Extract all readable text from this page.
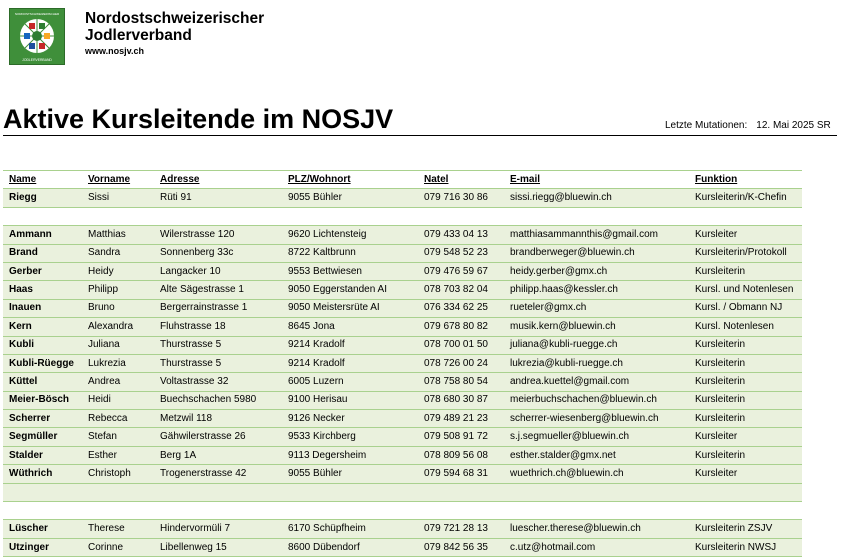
NORDOSTSCHWEIZERISCHER
JODLERVERBAND
Nordostschweizerischer
Jodlerverband
www.nosjv.ch
Aktive Kursleitende im NOSJV	Letzte Mutationen: 12. Mai 2025 SR
Name	Vorname	Adresse	PLZ/Wohnort	Natel	E-mail	Funktion
Riegg	Sissi	Rüti 91	9055 Bühler	079 716 30 86	sissi.riegg@bluewin.ch	Kursleiterin/K-Chefin

Ammann	Matthias	Wilerstrasse 120	9620 Lichtensteig	079 433 04 13	matthiasammannthis@gmail.com	Kursleiter
Brand	Sandra	Sonnenberg 33c	8722 Kaltbrunn	079 548 52 23	brandberweger@bluewin.ch	Kursleiterin/Protokoll
Gerber	Heidy	Langacker 10	9553 Bettwiesen	079 476 59 67	heidy.gerber@gmx.ch	Kursleiterin
Haas	Philipp	Alte Sägestrasse 1	9050 Eggerstanden AI	078 703 82 04	philipp.haas@kessler.ch	Kursl. und Notenlesen
Inauen	Bruno	Bergerrainstrasse 1	9050 Meistersrüte AI	076 334 62 25	rueteler@gmx.ch	Kursl. / Obmann NJ
Kern	Alexandra	Fluhstrasse 18	8645 Jona	079 678 80 82	musik.kern@bluewin.ch	Kursl. Notenlesen
Kubli	Juliana	Thurstrasse 5	9214 Kradolf	078 700 01 50	juliana@kubli-ruegge.ch	Kursleiterin
Kubli-Rüegge	Lukrezia	Thurstrasse 5	9214 Kradolf	078 726 00 24	lukrezia@kubli-ruegge.ch	Kursleiterin
Küttel	Andrea	Voltastrasse 32	6005 Luzern	078 758 80 54	andrea.kuettel@gmail.com	Kursleiterin
Meier-Bösch	Heidi	Buechschachen 5980	9100 Herisau	078 680 30 87	meierbuchschachen@bluewin.ch	Kursleiterin
Scherrer	Rebecca	Metzwil 118	9126 Necker	079 489 21 23	scherrer-wiesenberg@bluewin.ch	Kursleiterin
Segmüller	Stefan	Gähwilerstrasse 26	9533 Kirchberg	079 508 91 72	s.j.segmueller@bluewin.ch	Kursleiter
Stalder	Esther	Berg 1A	9113 Degersheim	078 809 56 08	esther.stalder@gmx.net	Kursleiterin
Wüthrich	Christoph	Trogenerstrasse 42	9055 Bühler	079 594 68 31	wuethrich.ch@bluewin.ch	Kursleiter

Lüscher	Therese	Hindervormüli 7	6170 Schüpfheim	079 721 28 13	luescher.therese@bluewin.ch	Kursleiterin ZSJV
Utzinger	Corinne	Libellenweg 15	8600 Dübendorf	079 842 56 35	c.utz@hotmail.com	Kursleiterin NWSJ
